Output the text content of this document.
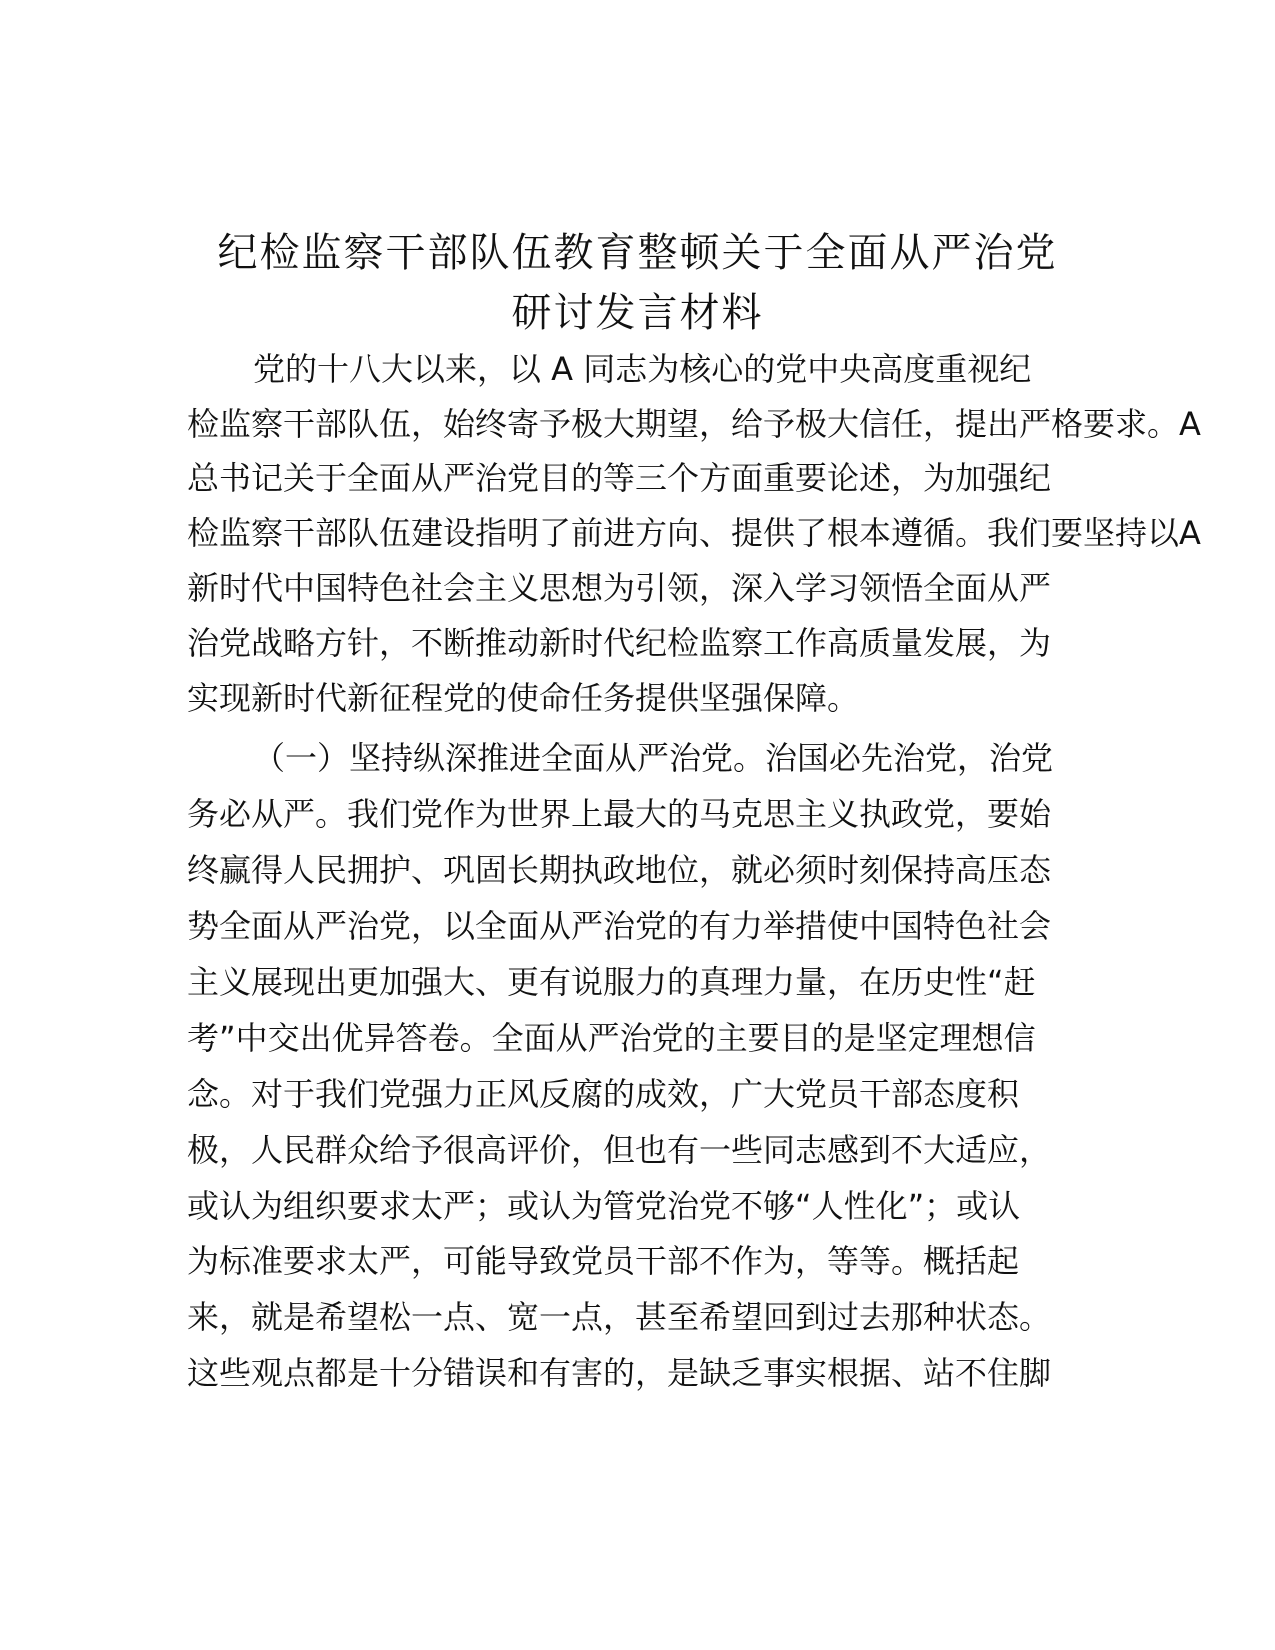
纪检监察干部队伍教育整顿关于全面从严治党
研讨发言材料
党的十八大以来，以 A 同志为核心的党中央高度重视纪
检监察干部队伍，始终寄予极大期望，给予极大信任，提出严格要求。A
总书记关于全面从严治党目的等三个方面重要论述，为加强纪
检监察干部队伍建设指明了前进方向、提供了根本遵循。我们要坚持以A
新时代中国特色社会主义思想为引领，深入学习领悟全面从严
治党战略方针，不断推动新时代纪检监察工作高质量发展，为
实现新时代新征程党的使命任务提供坚强保障。
（一）坚持纵深推进全面从严治党。治国必先治党，治党
务必从严。我们党作为世界上最大的马克思主义执政党，要始
终赢得人民拥护、巩固长期执政地位，就必须时刻保持高压态
势全面从严治党，以全面从严治党的有力举措使中国特色社会
主义展现出更加强大、更有说服力的真理力量，在历史性“赶
考”中交出优异答卷。全面从严治党的主要目的是坚定理想信
念。对于我们党强力正风反腐的成效，广大党员干部态度积
极，人民群众给予很高评价，但也有一些同志感到不大适应，
或认为组织要求太严；或认为管党治党不够“人性化”；或认
为标准要求太严，可能导致党员干部不作为，等等。概括起
来，就是希望松一点、宽一点，甚至希望回到过去那种状态。
这些观点都是十分错误和有害的，是缺乏事实根据、站不住脚
